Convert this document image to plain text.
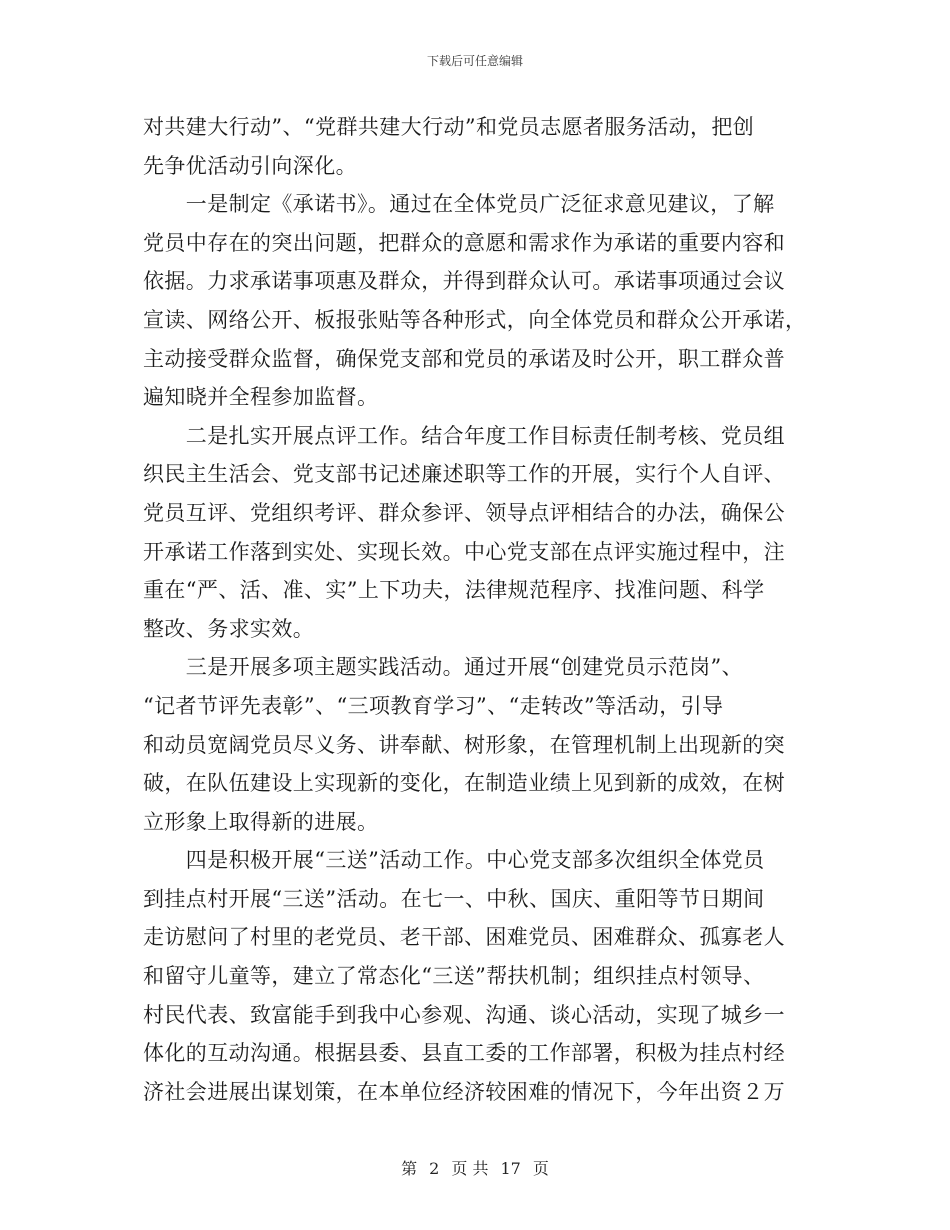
下载后可任意编辑
对共建大行动”、“党群共建大行动”和党员志愿者服务活动，把创
先争优活动引向深化。
　　一是制定《承诺书》。通过在全体党员广泛征求意见建议，了解
党员中存在的突出问题，把群众的意愿和需求作为承诺的重要内容和
依据。力求承诺事项惠及群众，并得到群众认可。承诺事项通过会议
宣读、网络公开、板报张贴等各种形式，向全体党员和群众公开承诺，
主动接受群众监督，确保党支部和党员的承诺及时公开，职工群众普
遍知晓并全程参加监督。
　　二是扎实开展点评工作。结合年度工作目标责任制考核、党员组
织民主生活会、党支部书记述廉述职等工作的开展，实行个人自评、
党员互评、党组织考评、群众参评、领导点评相结合的办法，确保公
开承诺工作落到实处、实现长效。中心党支部在点评实施过程中，注
重在“严、活、准、实”上下功夫，法律规范程序、找准问题、科学
整改、务求实效。
　　三是开展多项主题实践活动。通过开展“创建党员示范岗”、
“记者节评先表彰”、“三项教育学习”、“走转改”等活动，引导
和动员宽阔党员尽义务、讲奉献、树形象，在管理机制上出现新的突
破，在队伍建设上实现新的变化，在制造业绩上见到新的成效，在树
立形象上取得新的进展。
　　四是积极开展“三送”活动工作。中心党支部多次组织全体党员
到挂点村开展“三送”活动。在七一、中秋、国庆、重阳等节日期间
走访慰问了村里的老党员、老干部、困难党员、困难群众、孤寡老人
和留守儿童等，建立了常态化“三送”帮扶机制；组织挂点村领导、
村民代表、致富能手到我中心参观、沟通、谈心活动，实现了城乡一
体化的互动沟通。根据县委、县直工委的工作部署，积极为挂点村经
济社会进展出谋划策，在本单位经济较困难的情况下，今年出资２万
第 2 页 共 17 页
